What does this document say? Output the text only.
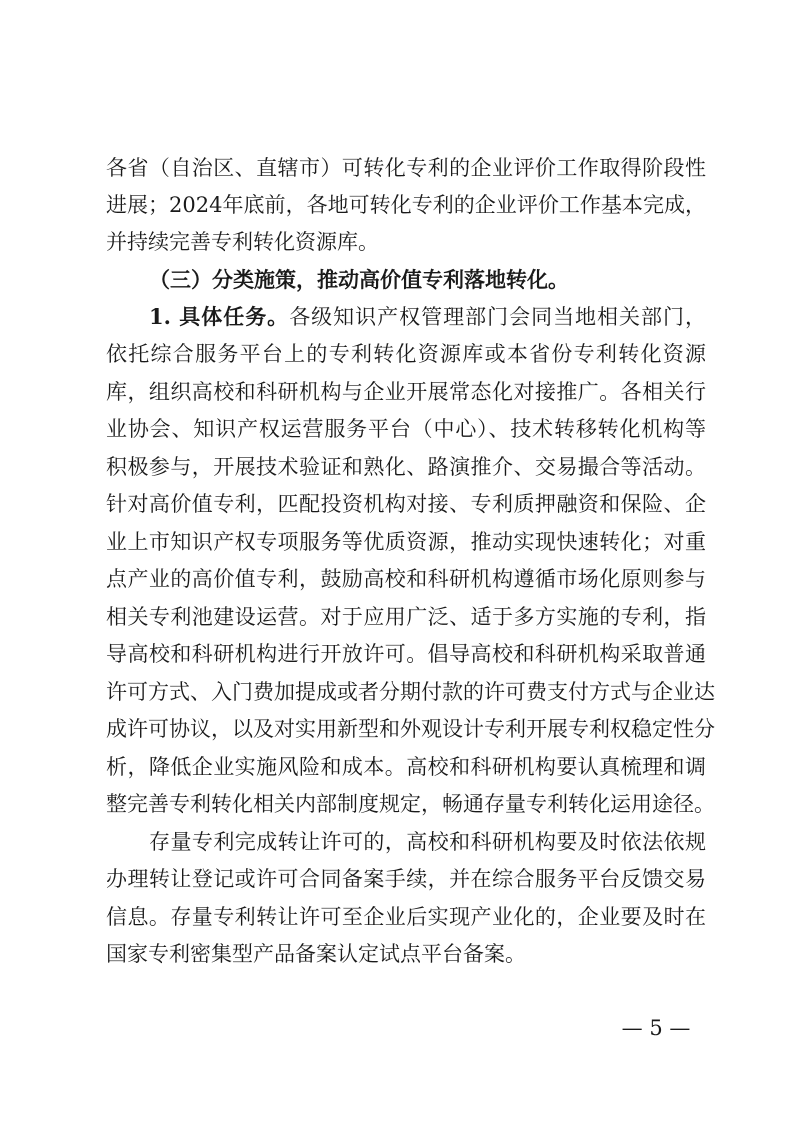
各省（自治区、直辖市）可转化专利的企业评价工作取得阶段性
进展；2024年底前，各地可转化专利的企业评价工作基本完成，
并持续完善专利转化资源库。
（三）分类施策，推动高价值专利落地转化。
1. 具体任务。各级知识产权管理部门会同当地相关部门，
依托综合服务平台上的专利转化资源库或本省份专利转化资源
库，组织高校和科研机构与企业开展常态化对接推广。各相关行
业协会、知识产权运营服务平台（中心）、技术转移转化机构等
积极参与，开展技术验证和熟化、路演推介、交易撮合等活动。
针对高价值专利，匹配投资机构对接、专利质押融资和保险、企
业上市知识产权专项服务等优质资源，推动实现快速转化；对重
点产业的高价值专利，鼓励高校和科研机构遵循市场化原则参与
相关专利池建设运营。对于应用广泛、适于多方实施的专利，指
导高校和科研机构进行开放许可。倡导高校和科研机构采取普通
许可方式、入门费加提成或者分期付款的许可费支付方式与企业达
成许可协议，以及对实用新型和外观设计专利开展专利权稳定性分
析，降低企业实施风险和成本。高校和科研机构要认真梳理和调
整完善专利转化相关内部制度规定，畅通存量专利转化运用途径。
存量专利完成转让许可的，高校和科研机构要及时依法依规
办理转让登记或许可合同备案手续，并在综合服务平台反馈交易
信息。存量专利转让许可至企业后实现产业化的，企业要及时在
国家专利密集型产品备案认定试点平台备案。
— 5 —
